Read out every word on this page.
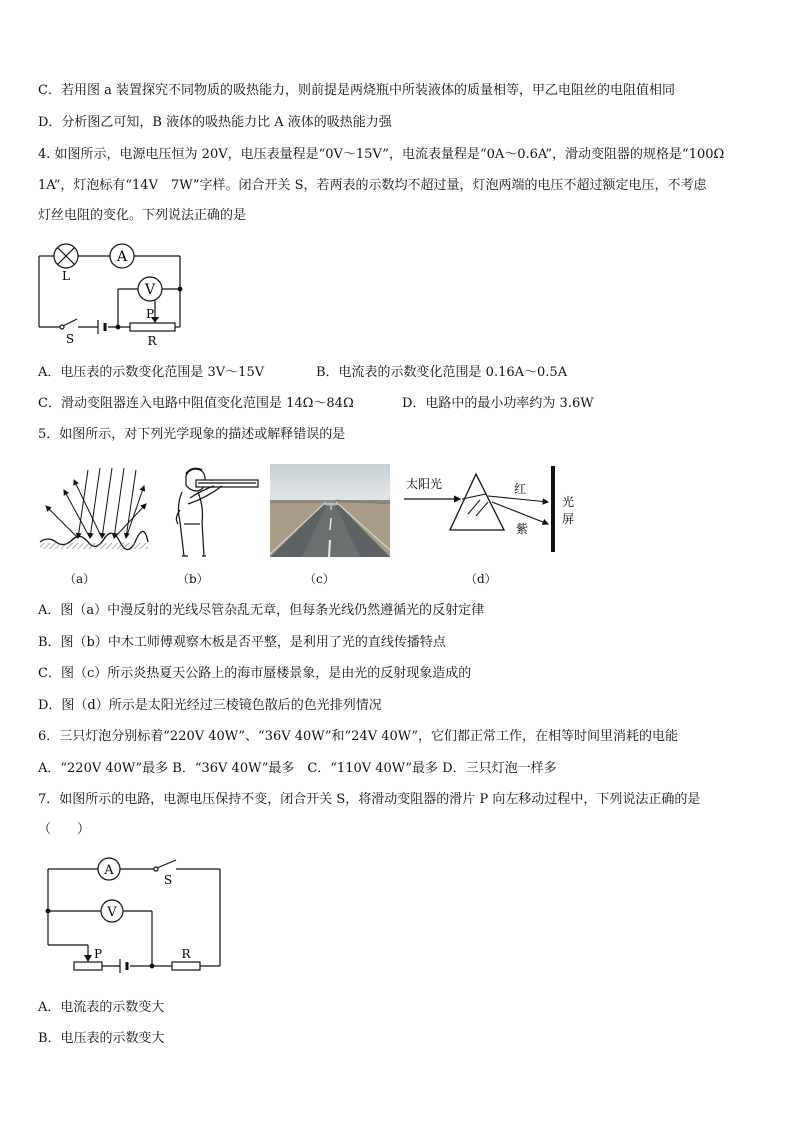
C．若用图 a 装置探究不同物质的吸热能力，则前提是两烧瓶中所装液体的质量相等，甲乙电阻丝的电阻值相同
D．分析图乙可知，B 液体的吸热能力比 A 液体的吸热能力强
4. 如图所示，电源电压恒为 20V，电压表量程是“0V～15V”，电流表量程是“0A～0.6A”，滑动变阻器的规格是“100Ω
1A”，灯泡标有“14V　7W”字样。闭合开关 S，若两表的示数均不超过量，灯泡两端的电压不超过额定电压，不考虑
灯丝电阻的变化。下列说法正确的是
A
V
L
S
P
R
A．电压表的示数变化范围是 3V～15V	B．电流表的示数变化范围是 0.16A～0.5A
C．滑动变阻器连入电路中阻值变化范围是 14Ω～84Ω	D．电路中的最小功率约为 3.6W
5．如图所示，对下列光学现象的描述或解释错误的是
太阳光	红
紫
光
屏
（a）	（b）	（c）	（d）
A．图（a）中漫反射的光线尽管杂乱无章，但每条光线仍然遵循光的反射定律
B．图（b）中木工师傅观察木板是否平整，是利用了光的直线传播特点
C．图（c）所示炎热夏天公路上的海市蜃楼景象，是由光的反射现象造成的
D．图（d）所示是太阳光经过三棱镜色散后的色光排列情况
6．三只灯泡分别标着“220V 40W”、“36V 40W”和“24V 40W”，它们都正常工作，在相等时间里消耗的电能
A．“220V 40W”最多 B．“36V 40W”最多　C．“110V 40W”最多 D．三只灯泡一样多
7．如图所示的电路，电源电压保持不变，闭合开关 S，将滑动变阻器的滑片 P 向左移动过程中，下列说法正确的是
（　　）
A
V
S
P	R
A．电流表的示数变大
B．电压表的示数变大
